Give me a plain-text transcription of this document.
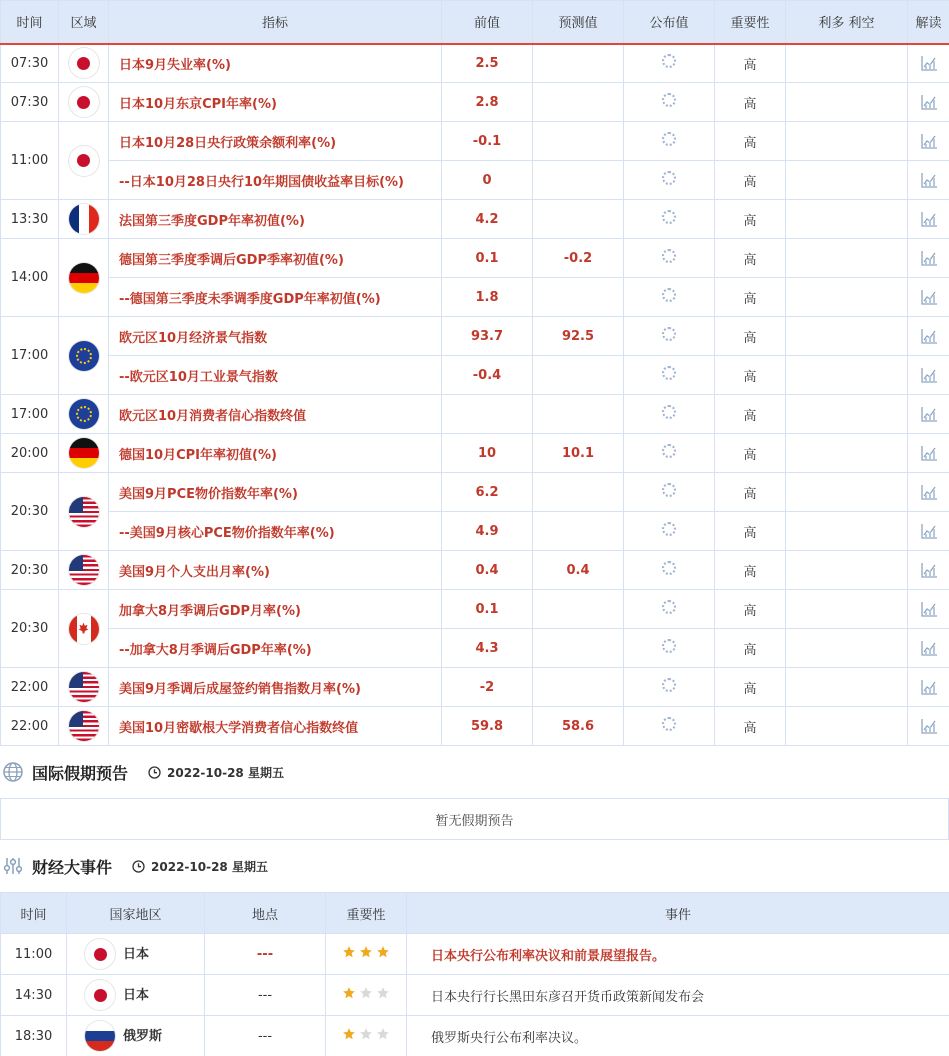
时间	区域	指标	前值	预测值	公布值	重要性	利多 利空	解读
07:30		日本9月失业率(%)	2.5			高		
07:30		日本10月东京CPI年率(%)	2.8			高		
11:00		日本10月28日央行政策余额利率(%)	-0.1			高		
		--日本10月28日央行10年期国债收益率目标(%)	0			高		
13:30		法国第三季度GDP年率初值(%)	4.2			高		
14:00		德国第三季度季调后GDP季率初值(%)	0.1	-0.2		高		
		--德国第三季度未季调季度GDP年率初值(%)	1.8			高		
17:00		欧元区10月经济景气指数	93.7	92.5		高		
		--欧元区10月工业景气指数	-0.4			高		
17:00		欧元区10月消费者信心指数终值				高		
20:00		德国10月CPI年率初值(%)	10	10.1		高		
20:30		美国9月PCE物价指数年率(%)	6.2			高		
		--美国9月核心PCE物价指数年率(%)	4.9			高		
20:30		美国9月个人支出月率(%)	0.4	0.4		高		
20:30		加拿大8月季调后GDP月率(%)	0.1			高		
		--加拿大8月季调后GDP年率(%)	4.3			高		
22:00		美国9月季调后成屋签约销售指数月率(%)	-2			高		
22:00		美国10月密歇根大学消费者信心指数终值	59.8	58.6		高		
国际假期预告	2022-10-28 星期五
暂无假期预告
财经大事件	2022-10-28 星期五
时间	国家地区	地点	重要性	事件
11:00	日本	---		日本央行公布利率决议和前景展望报告。
14:30	日本	---		日本央行行长黑田东彦召开货币政策新闻发布会
18:30	俄罗斯	---		俄罗斯央行公布利率决议。
